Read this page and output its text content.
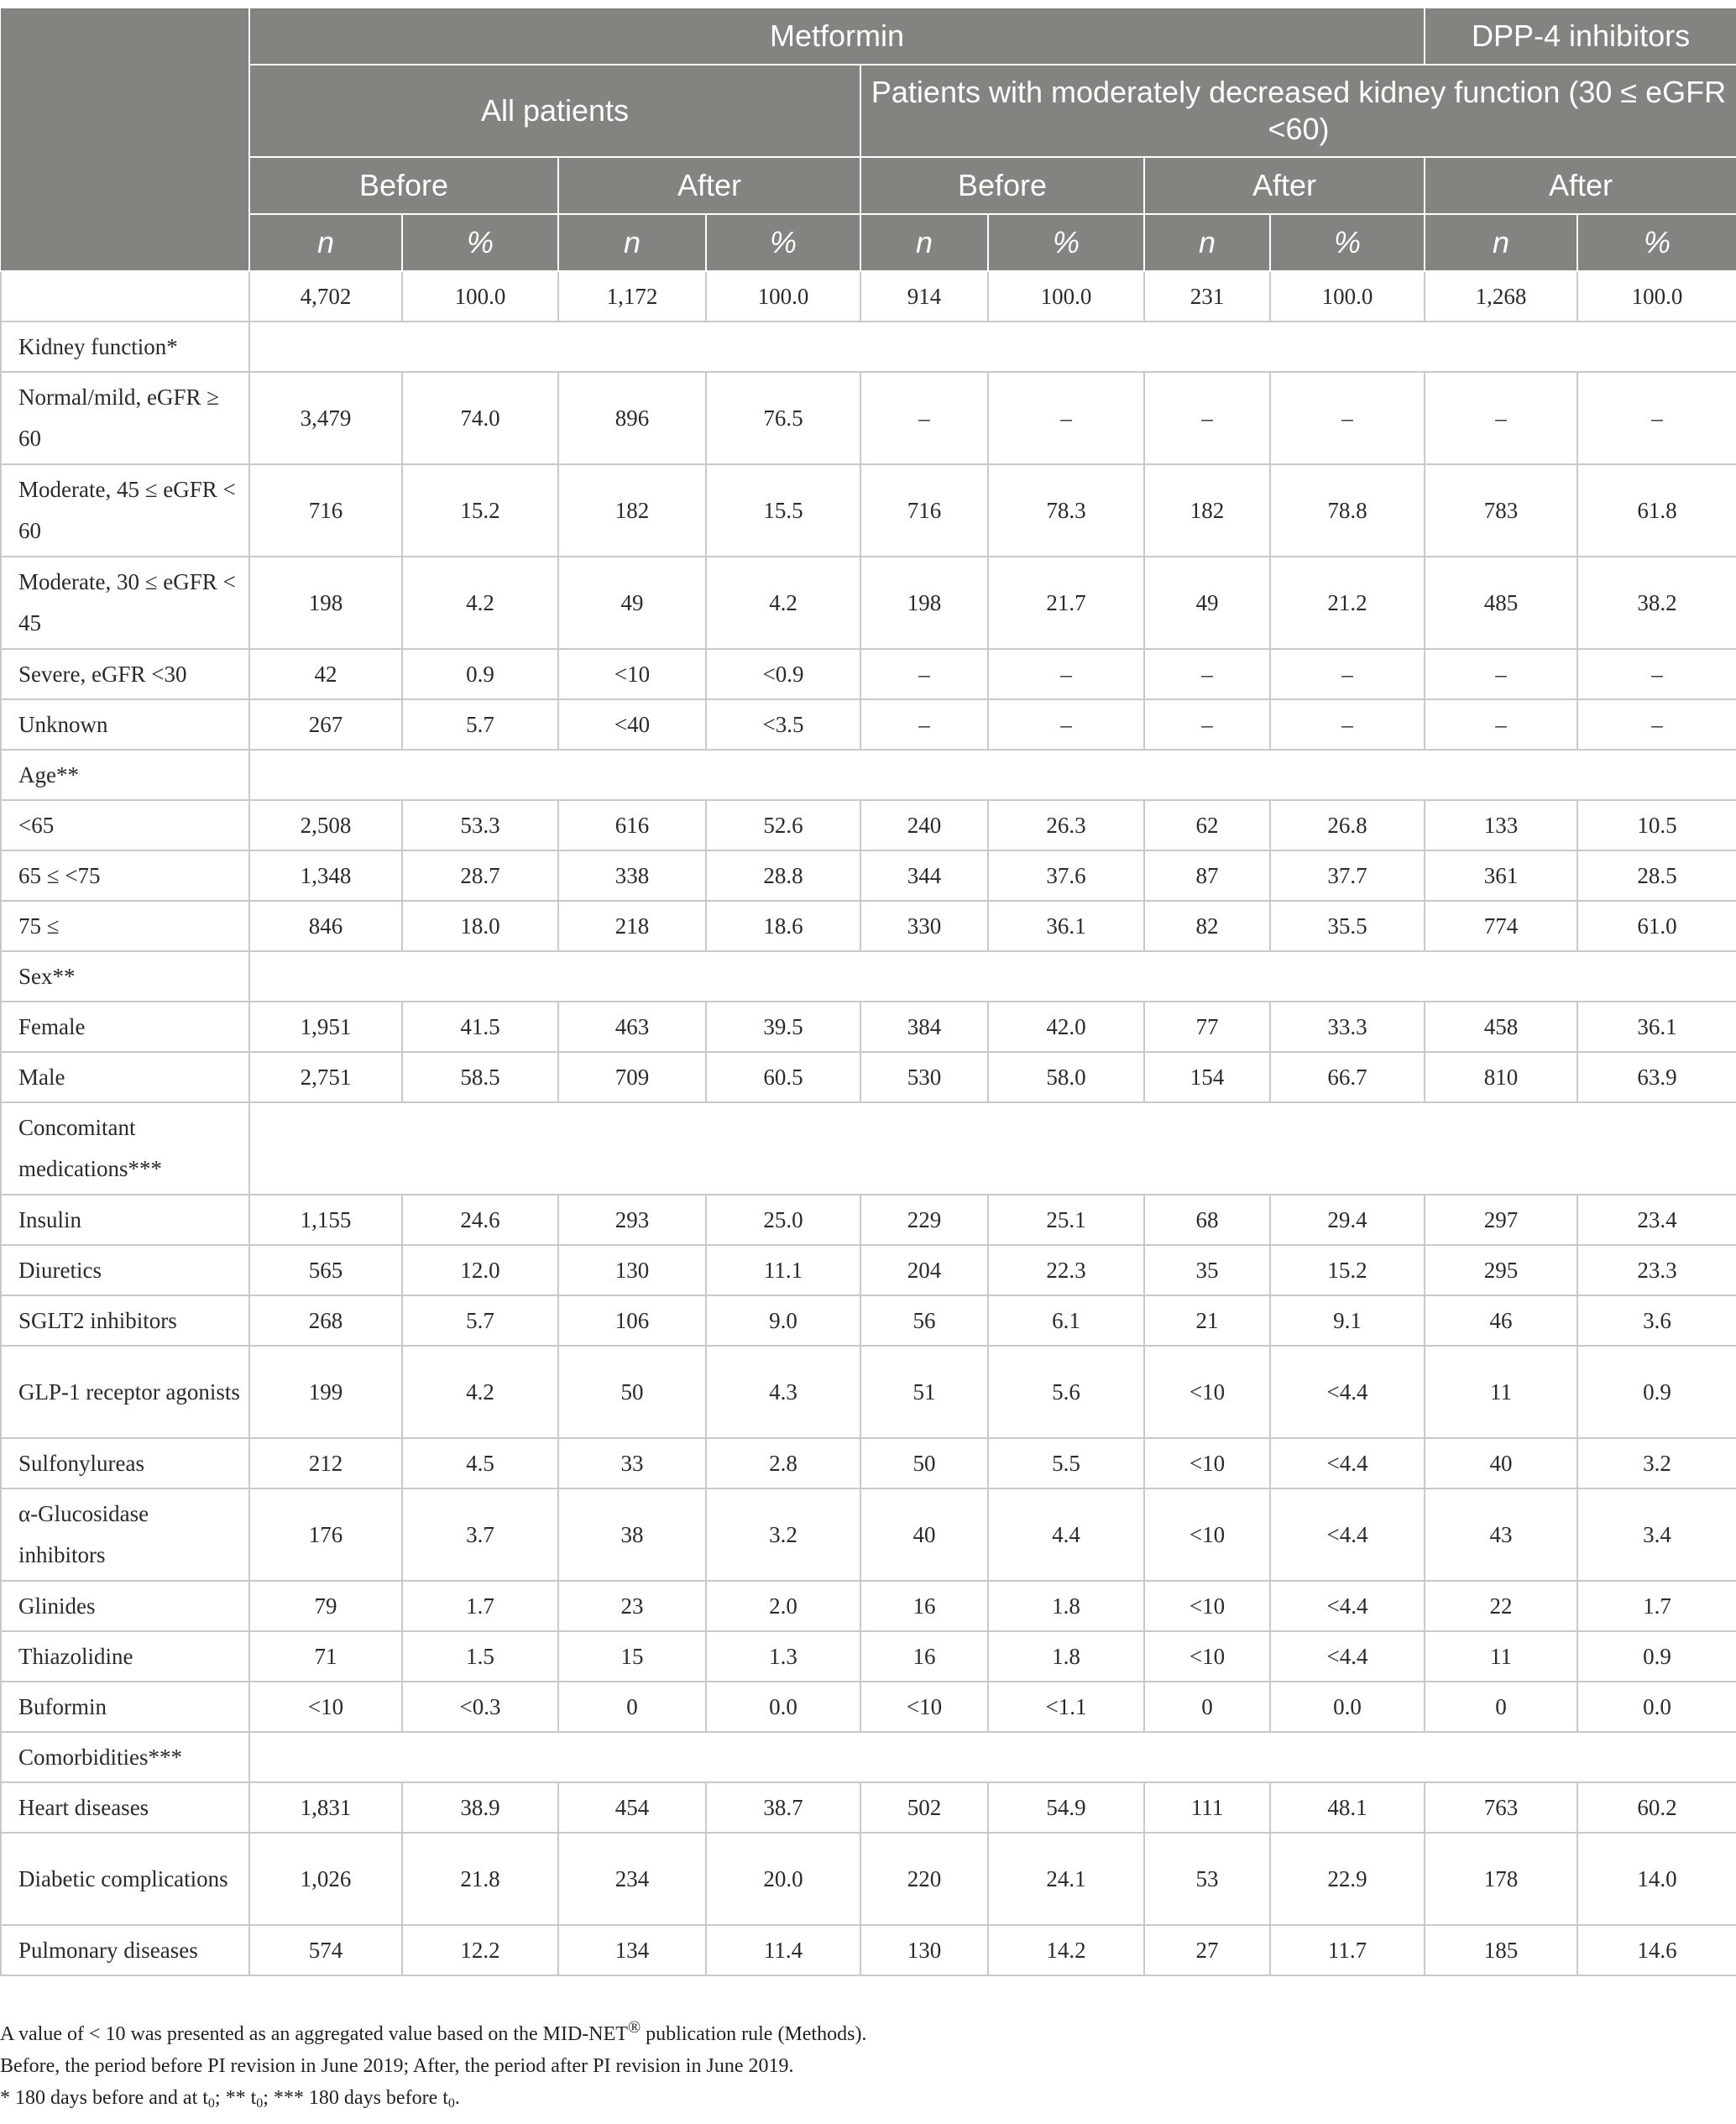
	Metformin								DPP-4 inhibitors	
	All patients				Patients with moderately decreased kidney function (30 ≤ eGFR <60)					
	Before		After		Before		After		After	
	n	%	n	%	n	%	n	%	n	%
	4,702	100.0	1,172	100.0	914	100.0	231	100.0	1,268	100.0
Kidney function*										
Normal/mild, eGFR ≥ 60	3,479	74.0	896	76.5	–	–	–	–	–	–
Moderate, 45 ≤ eGFR < 60	716	15.2	182	15.5	716	78.3	182	78.8	783	61.8
Moderate, 30 ≤ eGFR < 45	198	4.2	49	4.2	198	21.7	49	21.2	485	38.2
Severe, eGFR <30	42	0.9	<10	<0.9	–	–	–	–	–	–
Unknown	267	5.7	<40	<3.5	–	–	–	–	–	–
Age**										
<65	2,508	53.3	616	52.6	240	26.3	62	26.8	133	10.5
65 ≤ <75	1,348	28.7	338	28.8	344	37.6	87	37.7	361	28.5
75 ≤	846	18.0	218	18.6	330	36.1	82	35.5	774	61.0
Sex**										
Female	1,951	41.5	463	39.5	384	42.0	77	33.3	458	36.1
Male	2,751	58.5	709	60.5	530	58.0	154	66.7	810	63.9
Concomitant medications***										
Insulin	1,155	24.6	293	25.0	229	25.1	68	29.4	297	23.4
Diuretics	565	12.0	130	11.1	204	22.3	35	15.2	295	23.3
SGLT2 inhibitors	268	5.7	106	9.0	56	6.1	21	9.1	46	3.6
GLP-1 receptor agonists	199	4.2	50	4.3	51	5.6	<10	<4.4	11	0.9
Sulfonylureas	212	4.5	33	2.8	50	5.5	<10	<4.4	40	3.2
α-Glucosidase inhibitors	176	3.7	38	3.2	40	4.4	<10	<4.4	43	3.4
Glinides	79	1.7	23	2.0	16	1.8	<10	<4.4	22	1.7
Thiazolidine	71	1.5	15	1.3	16	1.8	<10	<4.4	11	0.9
Buformin	<10	<0.3	0	0.0	<10	<1.1	0	0.0	0	0.0
Comorbidities***										
Heart diseases	1,831	38.9	454	38.7	502	54.9	111	48.1	763	60.2
Diabetic complications	1,026	21.8	234	20.0	220	24.1	53	22.9	178	14.0
Pulmonary diseases	574	12.2	134	11.4	130	14.2	27	11.7	185	14.6

A value of < 10 was presented as an aggregated value based on the MID-NET® publication rule (Methods).

Before, the period before PI revision in June 2019; After, the period after PI revision in June 2019.

* 180 days before and at $t_0$; ** $t_0$; *** 180 days before $t_0$.
